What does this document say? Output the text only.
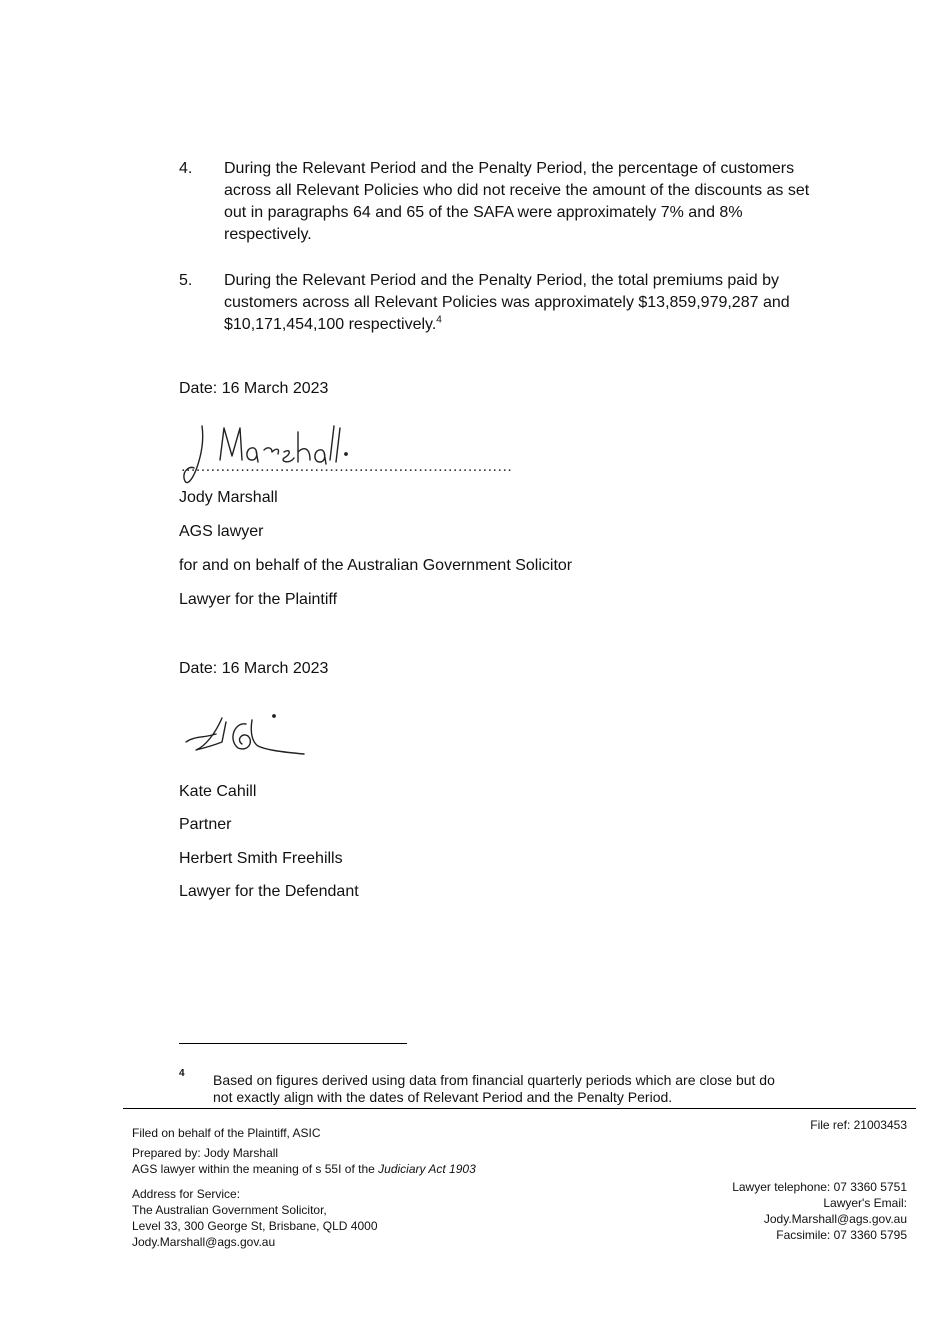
4.	During the Relevant Period and the Penalty Period, the percentage of customers across all Relevant Policies who did not receive the amount of the discounts as set out in paragraphs 64 and 65 of the SAFA were approximately 7% and 8% respectively.
5.	During the Relevant Period and the Penalty Period, the total premiums paid by customers across all Relevant Policies was approximately $13,859,979,287 and $10,171,454,100 respectively.$^4$
Date: 16 March 2023
...................................................................
Jody Marshall
AGS lawyer
for and on behalf of the Australian Government Solicitor
Lawyer for the Plaintiff
Date: 16 March 2023
Kate Cahill
Partner
Herbert Smith Freehills
Lawyer for the Defendant
4 Based on figures derived using data from financial quarterly periods which are close but do
not exactly align with the dates of Relevant Period and the Penalty Period.
Filed on behalf of the Plaintiff, ASIC
Prepared by: Jody Marshall
AGS lawyer within the meaning of s 55I of the Judiciary Act 1903
Address for Service:
The Australian Government Solicitor,
Level 33, 300 George St, Brisbane, QLD 4000
Jody.Marshall@ags.gov.au
File ref: 21003453
Lawyer telephone: 07 3360 5751
Lawyer's Email:
Jody.Marshall@ags.gov.au
Facsimile: 07 3360 5795
